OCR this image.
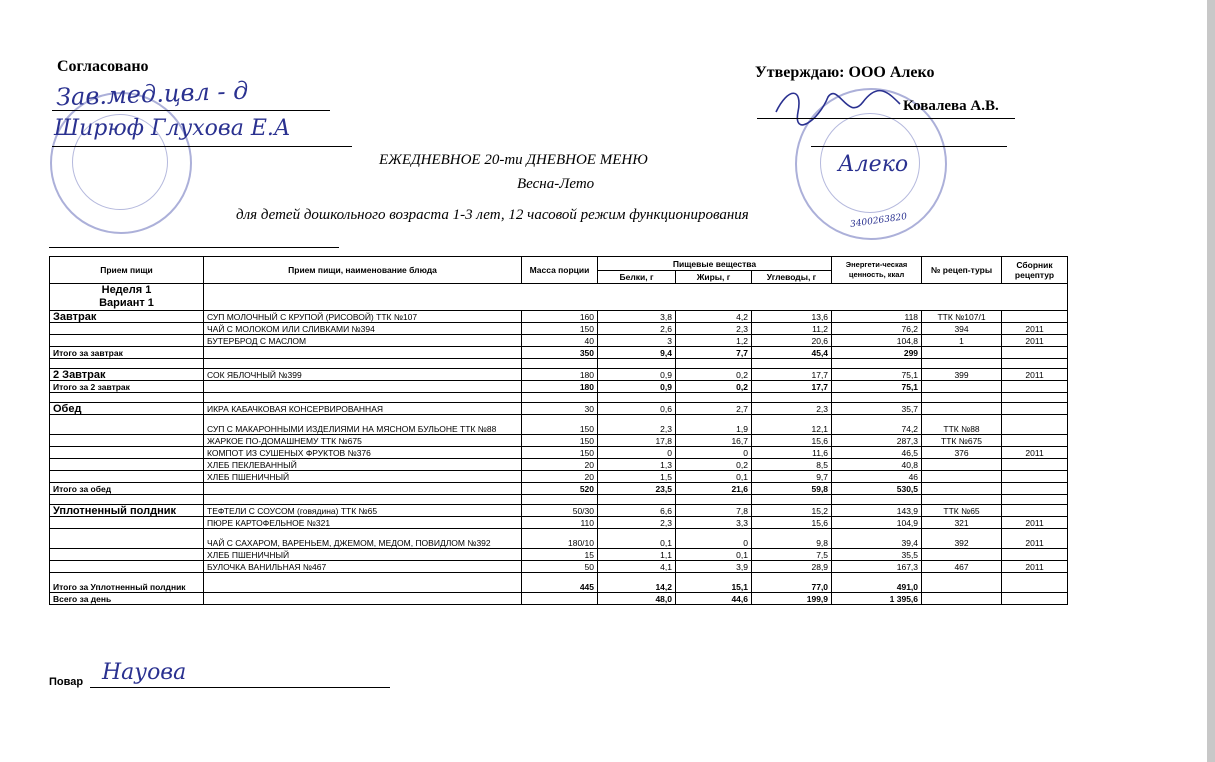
Согласовано
Зав.мед.цвл - д
Ширюф Глухова Е.А
Утверждаю: ООО Алеко
Алеко
3400263820
Ковалева А.В.
ЕЖЕДНЕВНОЕ 20-ти ДНЕВНОЕ МЕНЮ
Весна-Лето
для детей дошкольного возраста 1-3 лет, 12 часовой режим функционирования
Прием пищи	Прием пищи, наименование блюда	Масса порции	Пищевые вещества			Энергети-ческая ценность, ккал	№ рецеп-туры	Сборник рецептур
			Белки, г	Жиры, г	Углеводы, г			

Неделя 1
Вариант 1								

Завтрак	СУП МОЛОЧНЫЙ С КРУПОЙ (РИСОВОЙ) ТТК №107	160	3,8	4,2	13,6	118	ТТК №107/1	
	ЧАЙ С МОЛОКОМ ИЛИ СЛИВКАМИ №394	150	2,6	2,3	11,2	76,2	394	2011
	БУТЕРБРОД С МАСЛОМ	40	3	1,2	20,6	104,8	1	2011
Итого за завтрак		350	9,4	7,7	45,4	299		

2 Завтрак	СОК ЯБЛОЧНЫЙ №399	180	0,9	0,2	17,7	75,1	399	2011
Итого за 2 завтрак		180	0,9	0,2	17,7	75,1		

Обед	ИКРА КАБАЧКОВАЯ КОНСЕРВИРОВАННАЯ	30	0,6	2,7	2,3	35,7		
	СУП С МАКАРОННЫМИ ИЗДЕЛИЯМИ НА МЯСНОМ БУЛЬОНЕ ТТК №88	150	2,3	1,9	12,1	74,2	ТТК №88	
	ЖАРКОЕ ПО-ДОМАШНЕМУ ТТК №675	150	17,8	16,7	15,6	287,3	ТТК №675	
	КОМПОТ ИЗ СУШЕНЫХ ФРУКТОВ №376	150	0	0	11,6	46,5	376	2011
	ХЛЕБ ПЕКЛЕВАННЫЙ	20	1,3	0,2	8,5	40,8		
	ХЛЕБ ПШЕНИЧНЫЙ	20	1,5	0,1	9,7	46		
Итого за обед		520	23,5	21,6	59,8	530,5		

Уплотненный полдник	ТЕФТЕЛИ С СОУСОМ (говядина) ТТК №65	50/30	6,6	7,8	15,2	143,9	ТТК №65	
	ПЮРЕ КАРТОФЕЛЬНОЕ №321	110	2,3	3,3	15,6	104,9	321	2011
	ЧАЙ С САХАРОМ, ВАРЕНЬЕМ, ДЖЕМОМ, МЕДОМ, ПОВИДЛОМ №392	180/10	0,1	0	9,8	39,4	392	2011
	ХЛЕБ ПШЕНИЧНЫЙ	15	1,1	0,1	7,5	35,5		
	БУЛОЧКА ВАНИЛЬНАЯ №467	50	4,1	3,9	28,9	167,3	467	2011
Итого за Уплотненный полдник		445	14,2	15,1	77,0	491,0		
Всего за день			48,0	44,6	199,9	1 395,6		
Повар Науова
